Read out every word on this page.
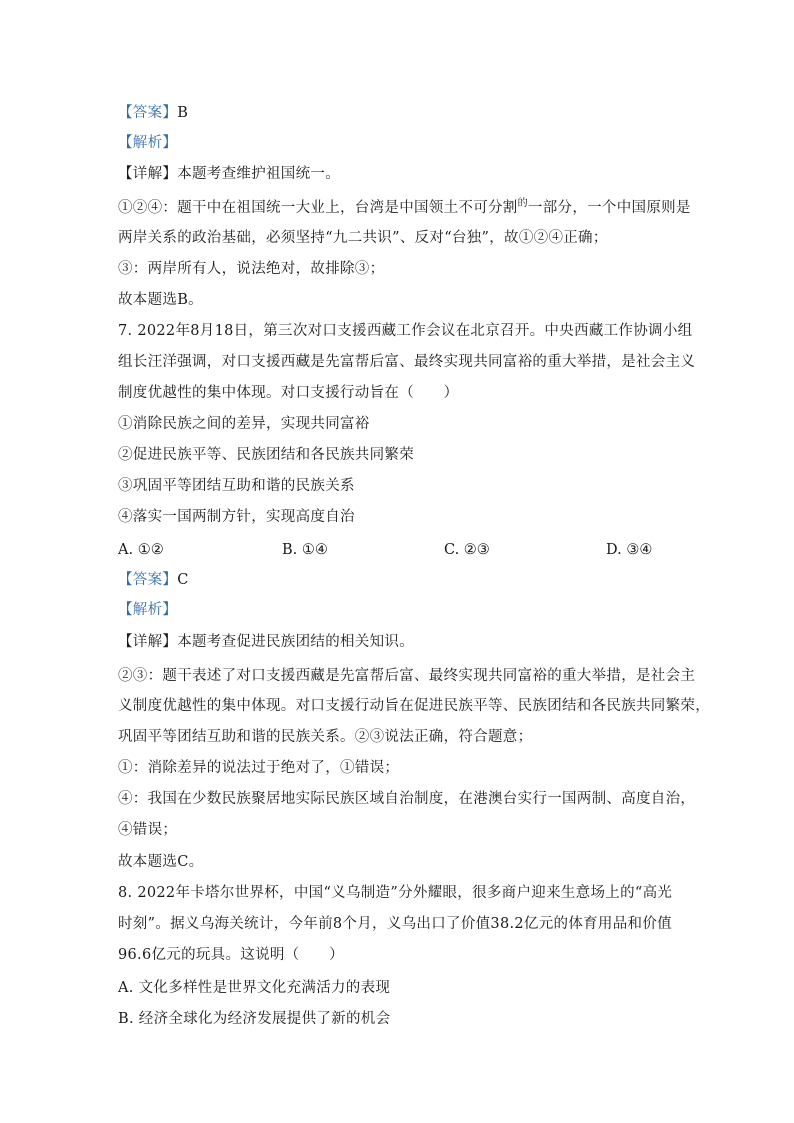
【答案】B
【解析】
【详解】本题考查维护祖国统一。
①②④：题干中在祖国统一大业上，台湾是中国领土不可分割$^的$一部分，一个中国原则是
两岸关系的政治基础，必须坚持“九二共识”、反对“台独”，故①②④正确；
③：两岸所有人，说法绝对，故排除③；
故本题选B。
7. 2022年8月18日，第三次对口支援西藏工作会议在北京召开。中央西藏工作协调小组
组长汪洋强调，对口支援西藏是先富帮后富、最终实现共同富裕的重大举措，是社会主义
制度优越性的集中体现。对口支援行动旨在（　　）
①消除民族之间的差异，实现共同富裕
②促进民族平等、民族团结和各民族共同繁荣
③巩固平等团结互助和谐的民族关系
④落实一国两制方针，实现高度自治
A. ①②	B. ①④	C. ②③	D. ③④
【答案】C
【解析】
【详解】本题考查促进民族团结的相关知识。
②③：题干表述了对口支援西藏是先富帮后富、最终实现共同富裕的重大举措，是社会主
义制度优越性的集中体现。对口支援行动旨在促进民族平等、民族团结和各民族共同繁荣，
巩固平等团结互助和谐的民族关系。②③说法正确，符合题意；
①：消除差异的说法过于绝对了，①错误；
④：我国在少数民族聚居地实际民族区域自治制度，在港澳台实行一国两制、高度自治，
④错误；
故本题选C。
8. 2022年卡塔尔世界杯，中国“义乌制造”分外耀眼，很多商户迎来生意场上的“高光
时刻”。据义乌海关统计，今年前8个月，义乌出口了价值38.2亿元的体育用品和价值
96.6亿元的玩具。这说明（　　）
A. 文化多样性是世界文化充满活力的表现
B. 经济全球化为经济发展提供了新的机会
